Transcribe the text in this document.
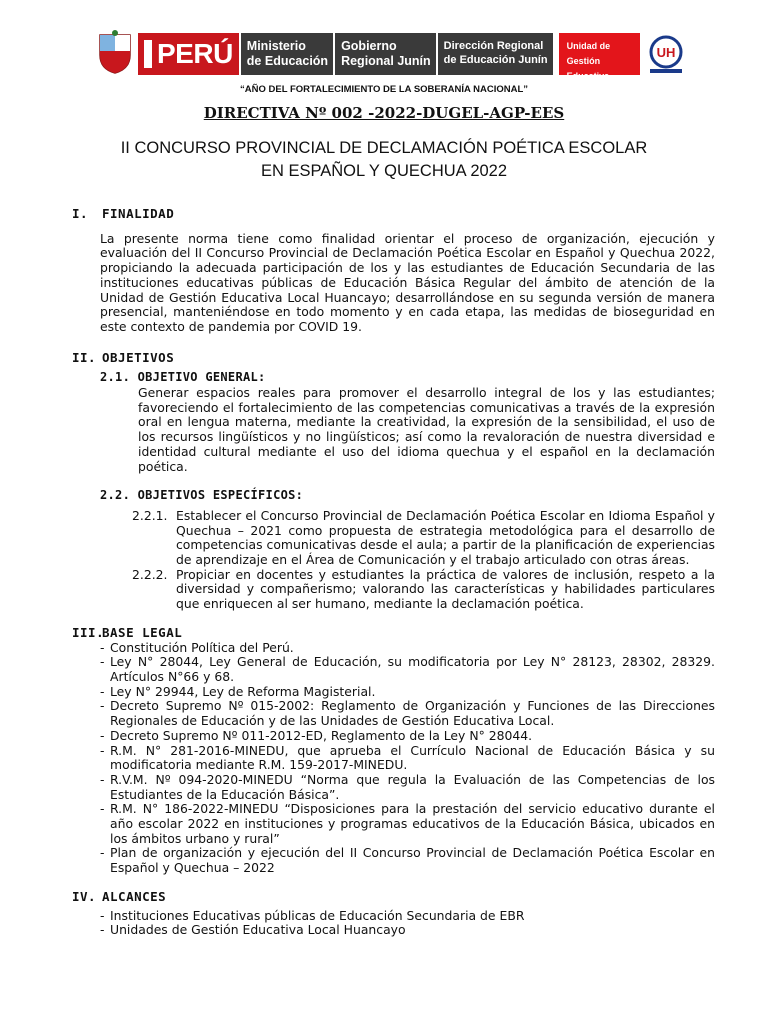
PERÚ Ministerio
de Educación
Gobierno
Regional Junín
Dirección Regional
de Educación Junín
Unidad de Gestión Educativa Local Huancayo
UH
“AÑO DEL FORTALECIMIENTO DE LA SOBERANÍA NACIONAL”
DIRECTIVA Nº 002 -2022-DUGEL-AGP-EES
II CONCURSO PROVINCIAL DE DECLAMACIÓN POÉTICA ESCOLAR
EN ESPAÑOL Y QUECHUA 2022
I. FINALIDAD
La presente norma tiene como finalidad orientar el proceso de organización, ejecución y evaluación del II Concurso Provincial de Declamación Poética Escolar en Español y Quechua 2022, propiciando la adecuada participación de los y las estudiantes de Educación Secundaria de las instituciones educativas públicas de Educación Básica Regular del ámbito de atención de la Unidad de Gestión Educativa Local Huancayo; desarrollándose en su segunda versión de manera presencial, manteniéndose en todo momento y en cada etapa, las medidas de bioseguridad en este contexto de pandemia por COVID 19.
II. OBJETIVOS
2.1. OBJETIVO GENERAL:
Generar espacios reales para promover el desarrollo integral de los y las estudiantes; favoreciendo el fortalecimiento de las competencias comunicativas a través de la expresión oral en lengua materna, mediante la creatividad, la expresión de la sensibilidad, el uso de los recursos lingüísticos y no lingüísticos; así como la revaloración de nuestra diversidad e identidad cultural mediante el uso del idioma quechua y el español en la declamación poética.
2.2. OBJETIVOS ESPECÍFICOS:
2.2.1. Establecer el Concurso Provincial de Declamación Poética Escolar en Idioma Español y Quechua – 2021 como propuesta de estrategia metodológica para el desarrollo de competencias comunicativas desde el aula; a partir de la planificación de experiencias de aprendizaje en el Área de Comunicación y el trabajo articulado con otras áreas.
2.2.2. Propiciar en docentes y estudiantes la práctica de valores de inclusión, respeto a la diversidad y compañerismo; valorando las características y habilidades particulares que enriquecen al ser humano, mediante la declamación poética.
III.BASE LEGAL
- Constitución Política del Perú.
- Ley N° 28044, Ley General de Educación, su modificatoria por Ley N° 28123, 28302, 28329. Artículos N°66 y 68.
- Ley N° 29944, Ley de Reforma Magisterial.
- Decreto Supremo Nº 015-2002: Reglamento de Organización y Funciones de las Direcciones Regionales de Educación y de las Unidades de Gestión Educativa Local.
- Decreto Supremo Nº 011-2012-ED, Reglamento de la Ley N° 28044.
- R.M. N° 281-2016-MINEDU, que aprueba el Currículo Nacional de Educación Básica y su modificatoria mediante R.M. 159-2017-MINEDU.
- R.V.M. Nº 094-2020-MINEDU “Norma que regula la Evaluación de las Competencias de los Estudiantes de la Educación Básica”.
- R.M. N° 186-2022-MINEDU “Disposiciones para la prestación del servicio educativo durante el año escolar 2022 en instituciones y programas educativos de la Educación Básica, ubicados en los ámbitos urbano y rural”
- Plan de organización y ejecución del II Concurso Provincial de Declamación Poética Escolar en Español y Quechua – 2022
IV. ALCANCES
- Instituciones Educativas públicas de Educación Secundaria de EBR
- Unidades de Gestión Educativa Local Huancayo
